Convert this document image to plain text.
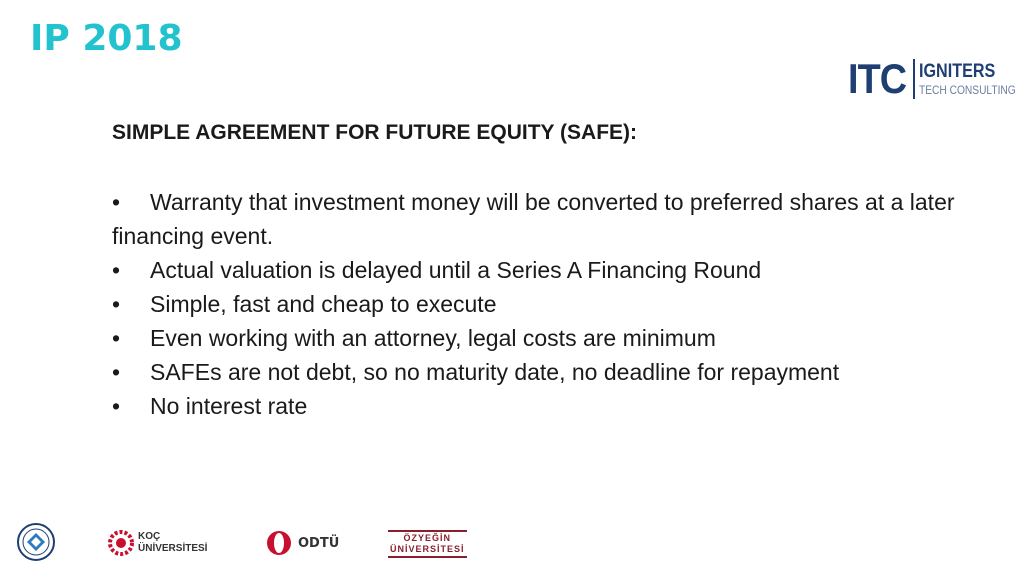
IP 2018
ITC IGNITERS
TECH CONSULTING
SIMPLE AGREEMENT FOR FUTURE EQUITY (SAFE):
• Warranty that investment money will be converted to preferred shares at a later financing event.
•	Actual valuation is delayed until a Series A Financing Round
•	Simple, fast and cheap to execute
•	Even working with an attorney, legal costs are minimum
•	SAFEs are not debt, so no maturity date, no deadline for repayment
•	No interest rate
KOÇ
ÜNİVERSİTESİ	ODTÜ	ÖZYEĞİN
ÜNİVERSİTESİ
